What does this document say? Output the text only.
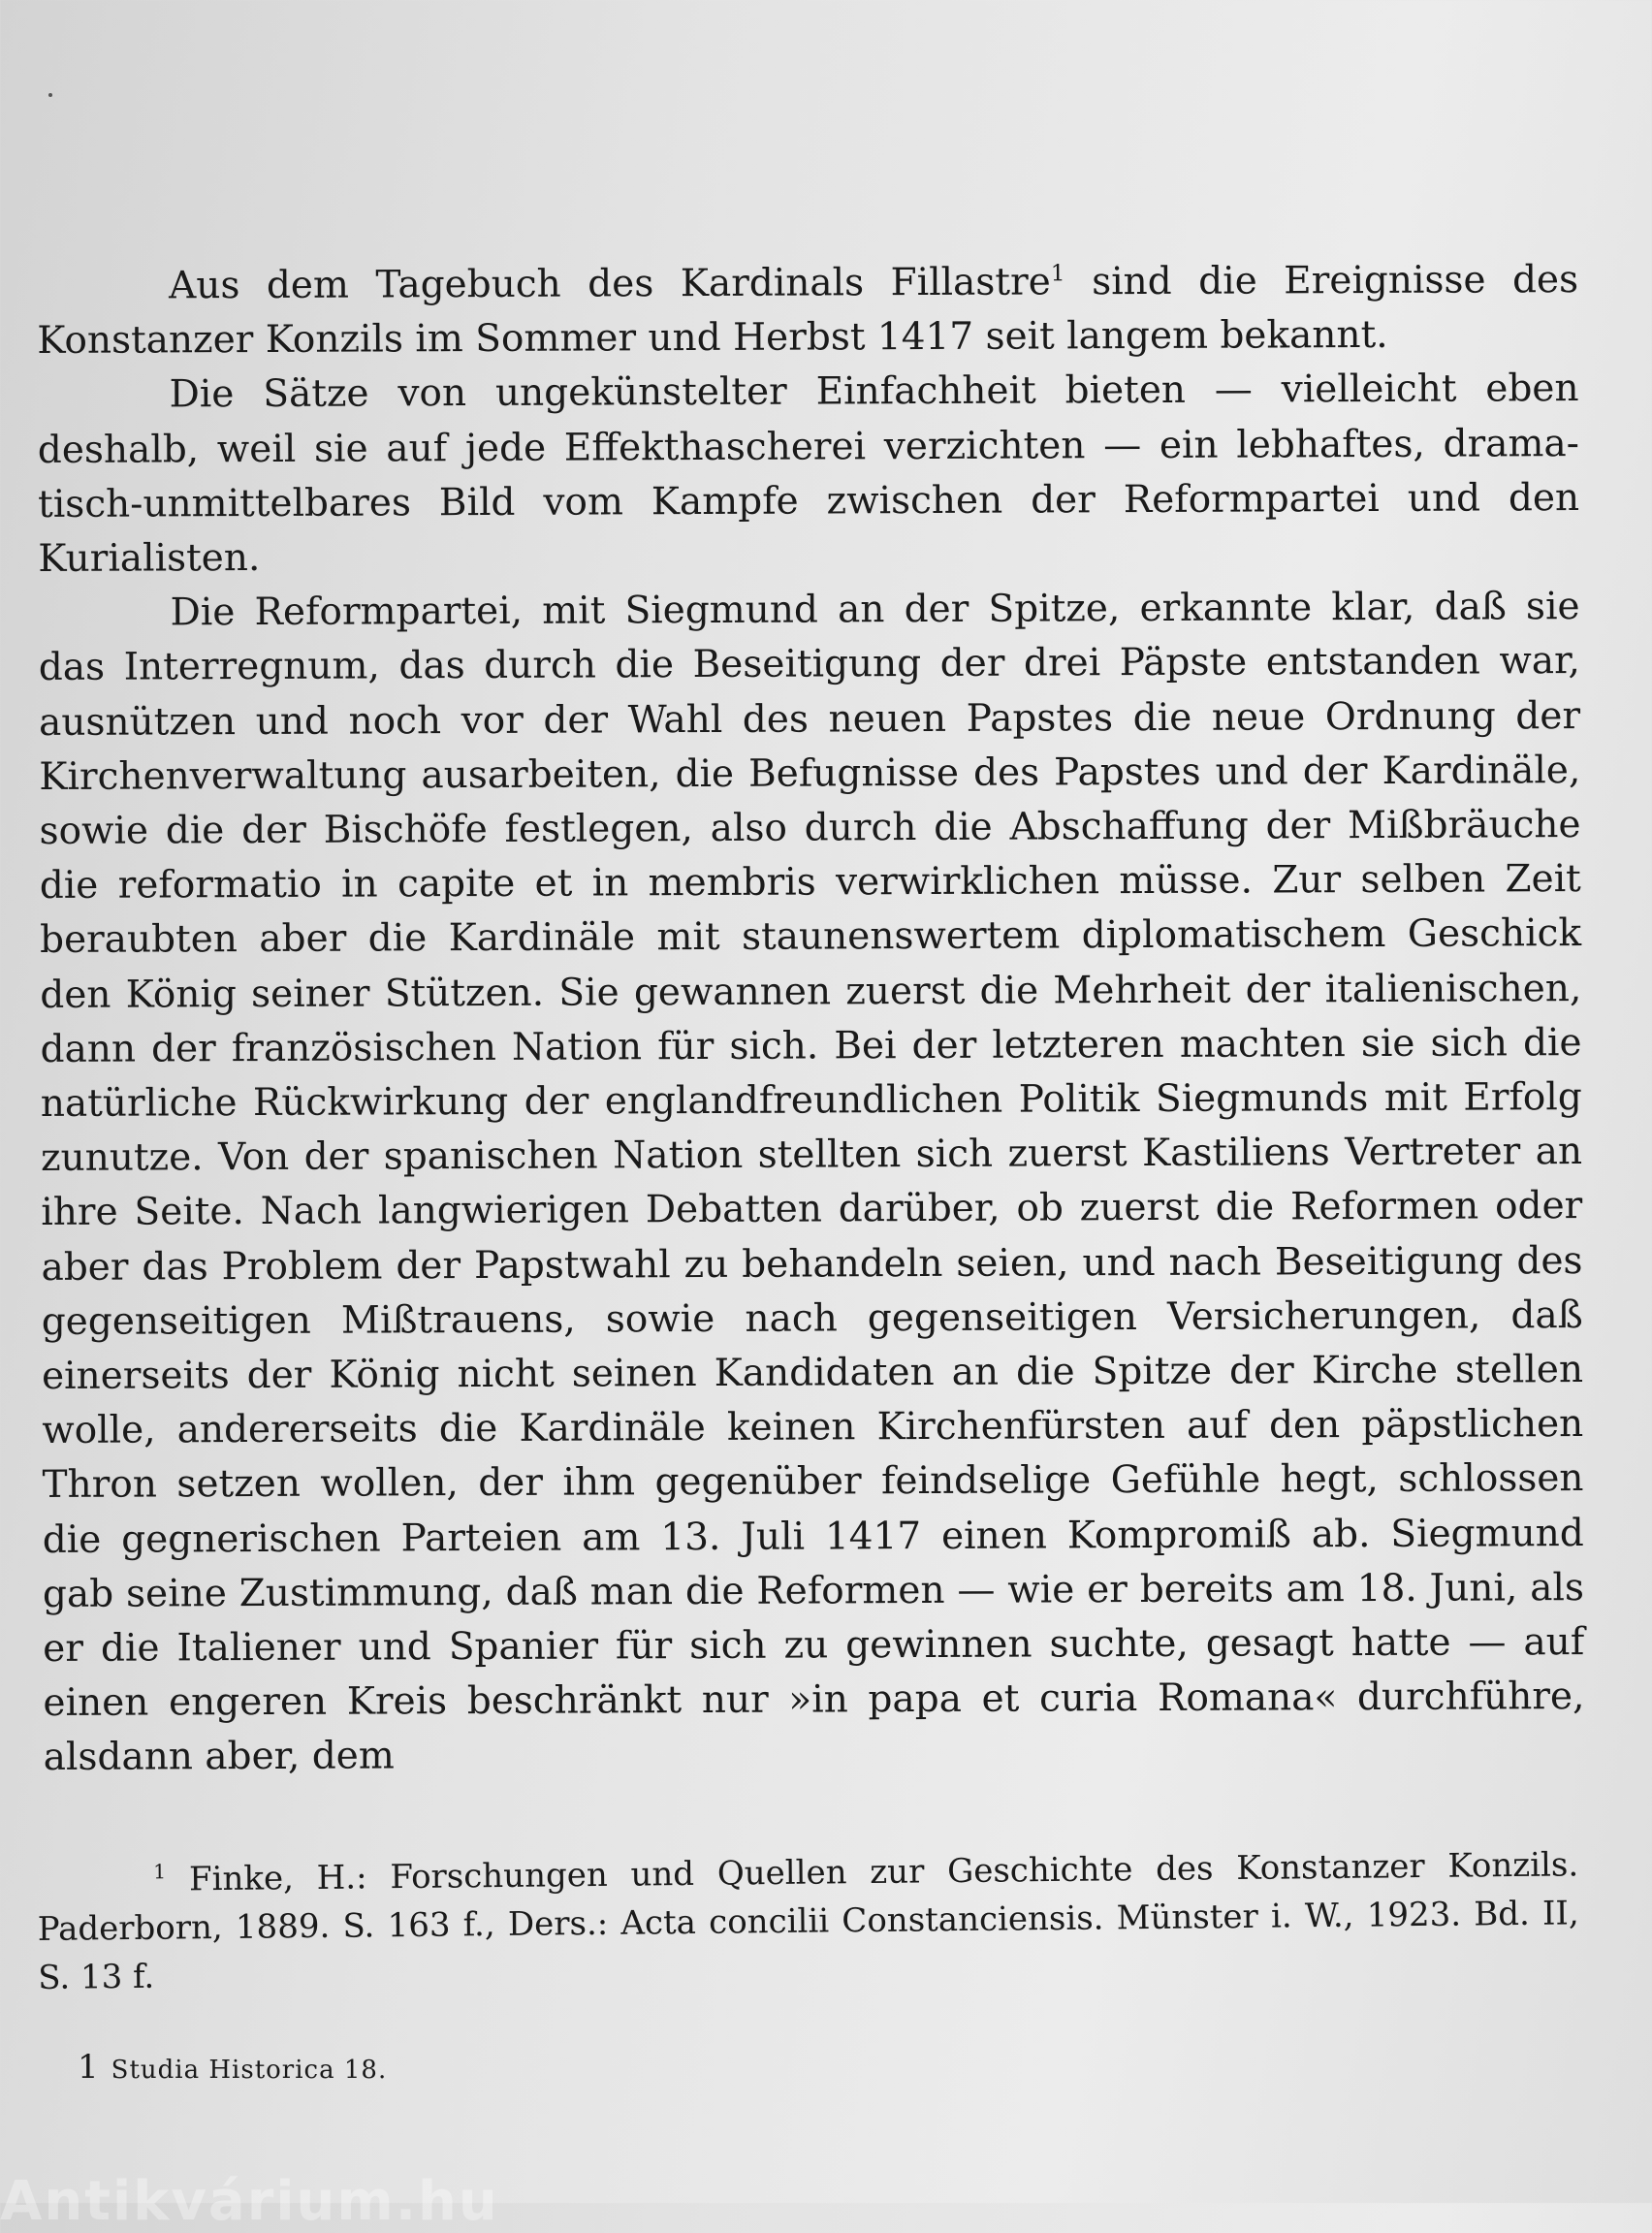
Aus dem Tagebuch des Kardinals Fillastre$^1$ sind die Ereignisse des Konstanzer Konzils im Sommer und Herbst 1417 seit langem bekannt.

Die Sätze von ungekünstelter Einfachheit bieten — vielleicht eben deshalb, weil sie auf jede Effekthascherei verzichten — ein lebhaftes, dramatisch-unmittelbares Bild vom Kampfe zwischen der Reformpartei und den Kurialisten.

Die Reformpartei, mit Siegmund an der Spitze, erkannte klar, daß sie das Interregnum, das durch die Beseitigung der drei Päpste entstanden war, ausnützen und noch vor der Wahl des neuen Papstes die neue Ordnung der Kirchenverwaltung ausarbeiten, die Befugnisse des Papstes und der Kardinäle, sowie die der Bischöfe festlegen, also durch die Abschaffung der Mißbräuche die reformatio in capite et in membris verwirklichen müsse. Zur selben Zeit beraubten aber die Kardinäle mit staunenswertem diplomatischem Geschick den König seiner Stützen. Sie gewannen zuerst die Mehrheit der italienischen, dann der französischen Nation für sich. Bei der letzteren machten sie sich die natürliche Rückwirkung der englandfreundlichen Politik Siegmunds mit Erfolg zunutze. Von der spanischen Nation stellten sich zuerst Kastiliens Vertreter an ihre Seite. Nach langwierigen Debatten darüber, ob zuerst die Reformen oder aber das Problem der Papstwahl zu behandeln seien, und nach Beseitigung des gegenseitigen Mißtrauens, sowie nach gegenseitigen Versicherungen, daß einerseits der König nicht seinen Kandidaten an die Spitze der Kirche stellen wolle, andererseits die Kardinäle keinen Kirchenfürsten auf den päpstlichen Thron setzen wollen, der ihm gegenüber feindselige Gefühle hegt, schlossen die gegnerischen Parteien am 13. Juli 1417 einen Kompromiß ab. Siegmund gab seine Zustimmung, daß man die Reformen — wie er bereits am 18. Juni, als er die Italiener und Spanier für sich zu gewinnen suchte, gesagt hatte — auf einen engeren Kreis beschränkt nur »in papa et curia Romana« durchführe, alsdann aber, dem

$^1$ Finke, H.: Forschungen und Quellen zur Geschichte des Konstanzer Konzils. Paderborn, 1889. S. 163 f., Ders.: Acta concilii Constanciensis. Münster i. W., 1923. Bd. II, S. 13 f.
1 Studia Historica 18.
Antikvárium.hu
